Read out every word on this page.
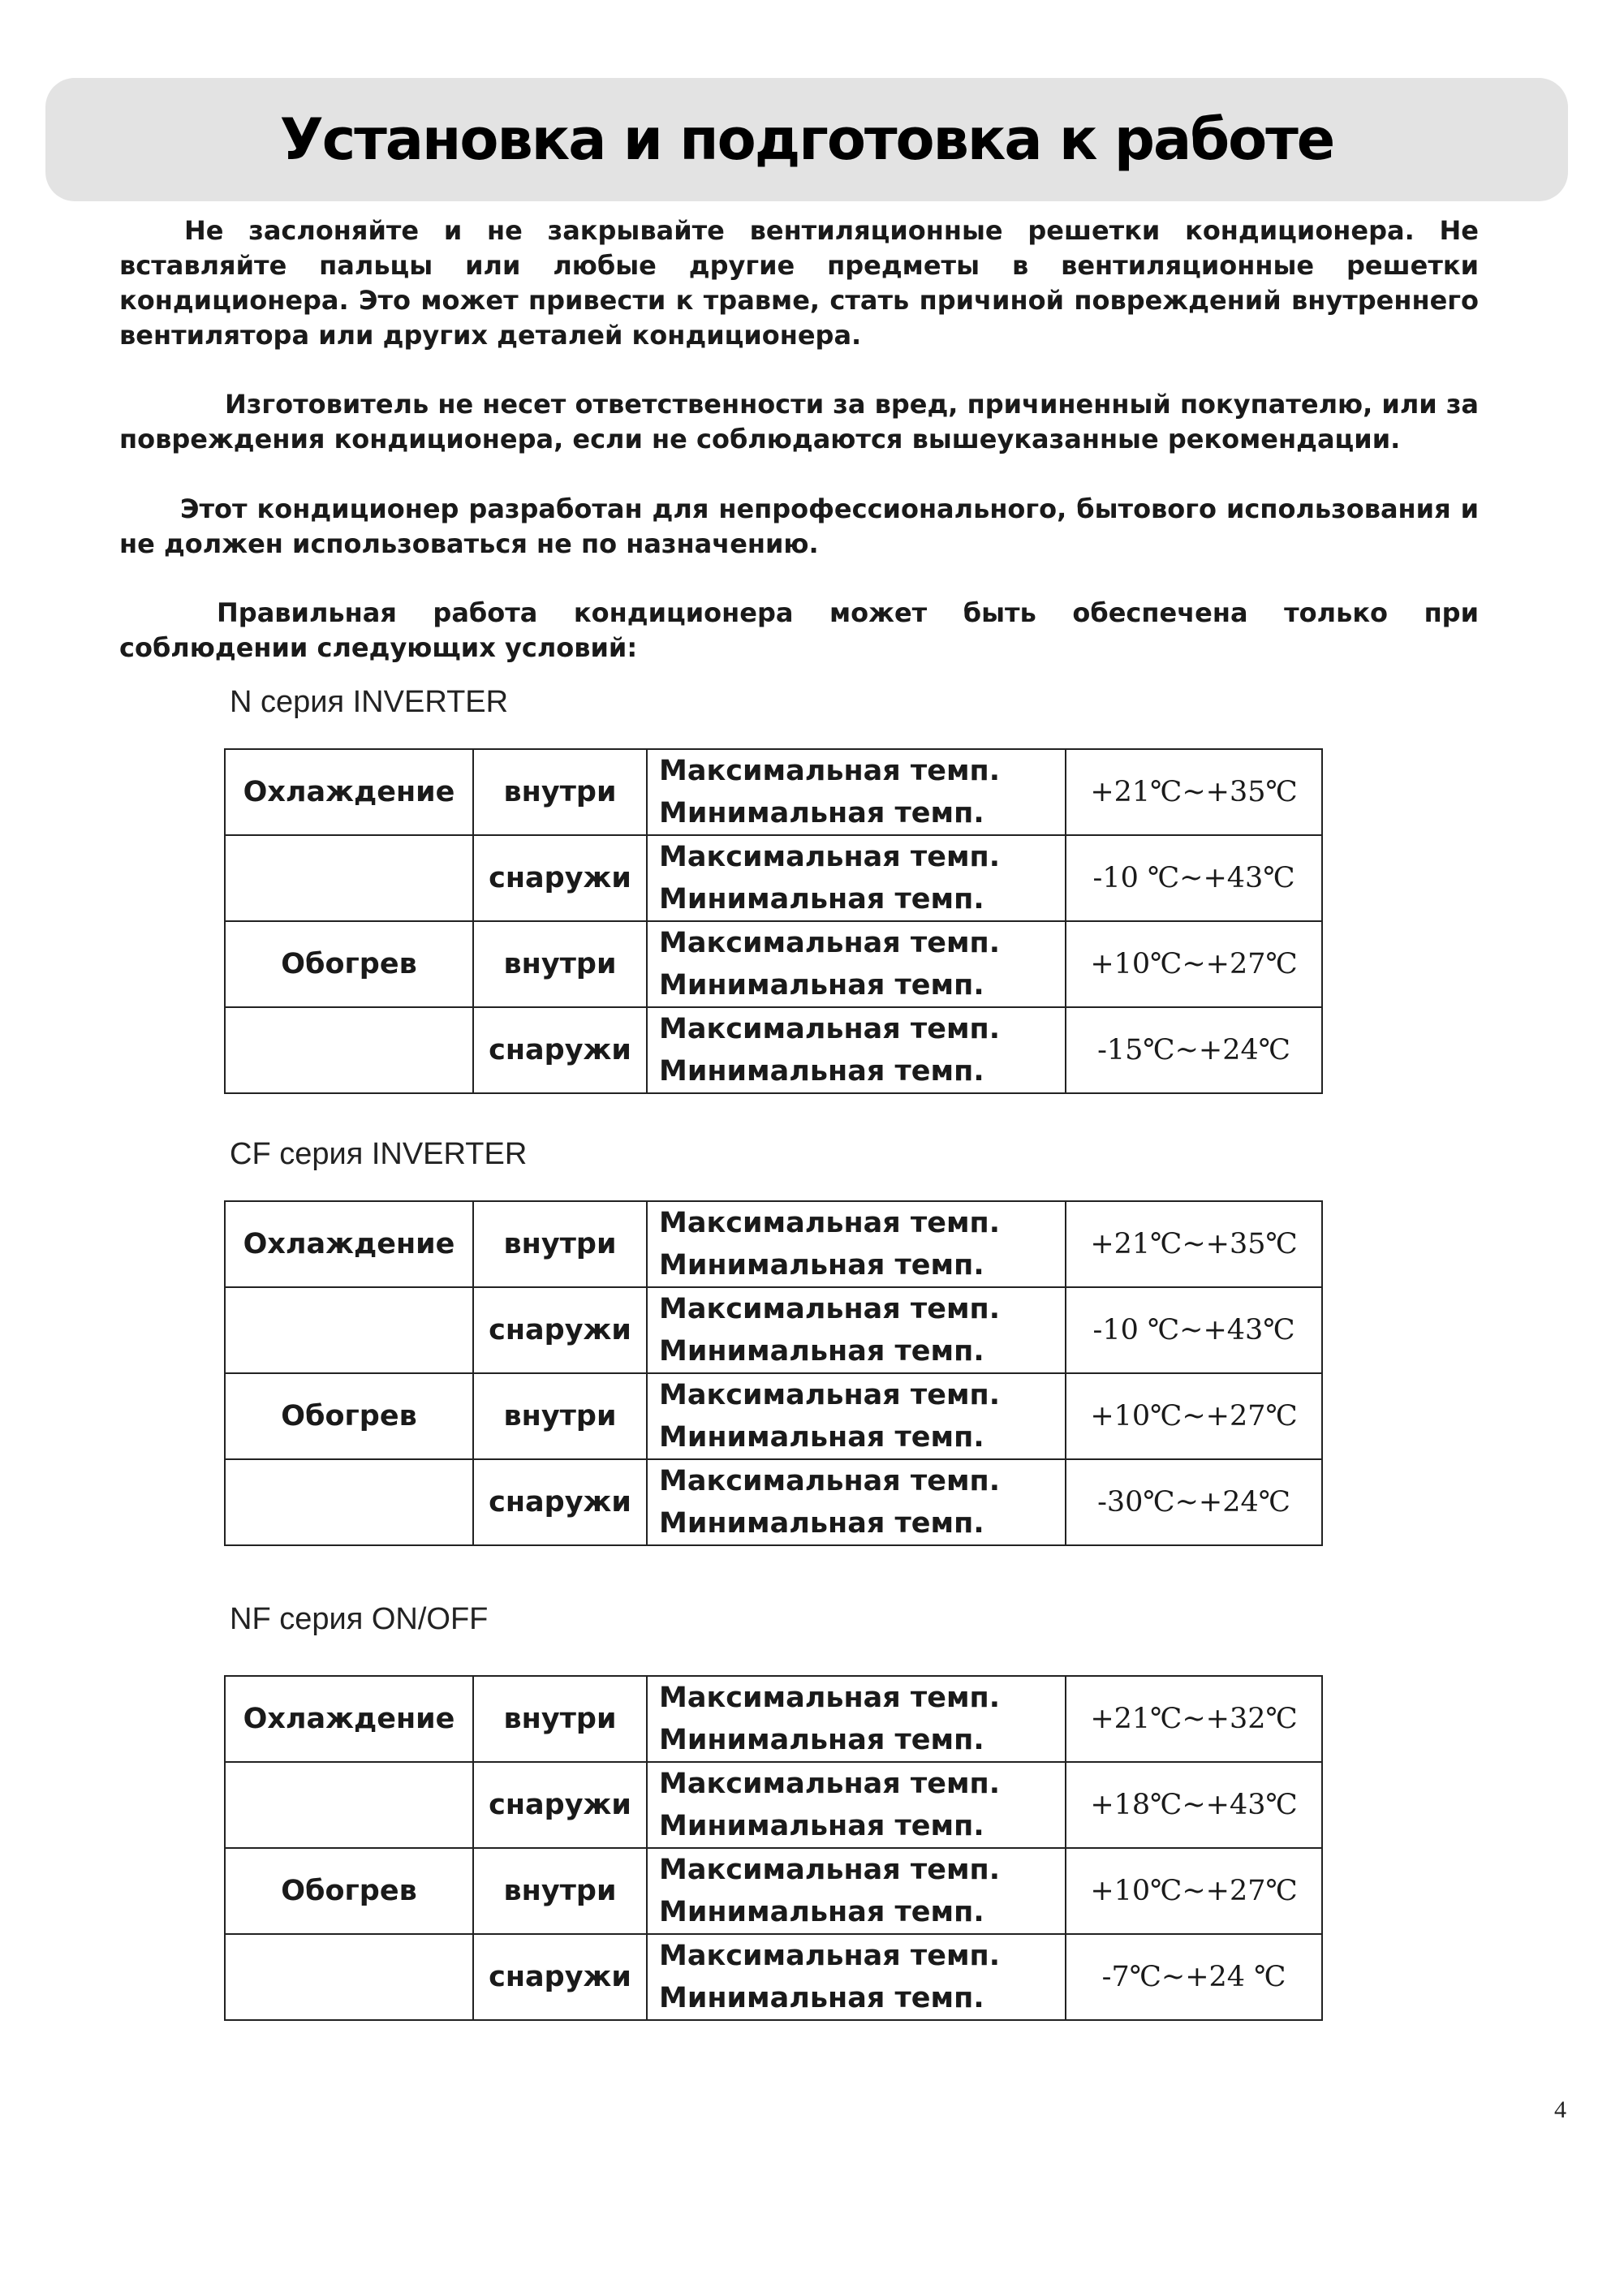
Установка и подготовка к работе

Не заслоняйте и не закрывайте вентиляционные решетки кондиционера. Не вставляйте пальцы или любые другие предметы в вентиляционные решетки кондиционера. Это может привести к травме, стать причиной повреждений внутреннего вентилятора или других деталей кондиционера.

Изготовитель не несет ответственности за вред, причиненный покупателю, или за повреждения кондиционера, если не соблюдаются вышеуказанные рекомендации.

Этот кондиционер разработан для непрофессионального, бытового использования и не должен использоваться не по назначению.

Правильная работа кондиционера может быть обеспечена только при соблюдении следующих условий:

N серия INVERTER
Охлаждение	внутри	Максимальная темп.
Минимальная темп.	+21℃~+35℃
	снаружи	Максимальная темп.
Минимальная темп.	-10 ℃~+43℃
Обогрев	внутри	Максимальная темп.
Минимальная темп.	+10℃~+27℃
	снаружи	Максимальная темп.
Минимальная темп.	-15℃~+24℃
CF серия INVERTER
Охлаждение	внутри	Максимальная темп.
Минимальная темп.	+21℃~+35℃
	снаружи	Максимальная темп.
Минимальная темп.	-10 ℃~+43℃
Обогрев	внутри	Максимальная темп.
Минимальная темп.	+10℃~+27℃
	снаружи	Максимальная темп.
Минимальная темп.	-30℃~+24℃
NF серия ON/OFF
Охлаждение	внутри	Максимальная темп.
Минимальная темп.	+21℃~+32℃
	снаружи	Максимальная темп.
Минимальная темп.	+18℃~+43℃
Обогрев	внутри	Максимальная темп.
Минимальная темп.	+10℃~+27℃
	снаружи	Максимальная темп.
Минимальная темп.	-7℃~+24 ℃
4
